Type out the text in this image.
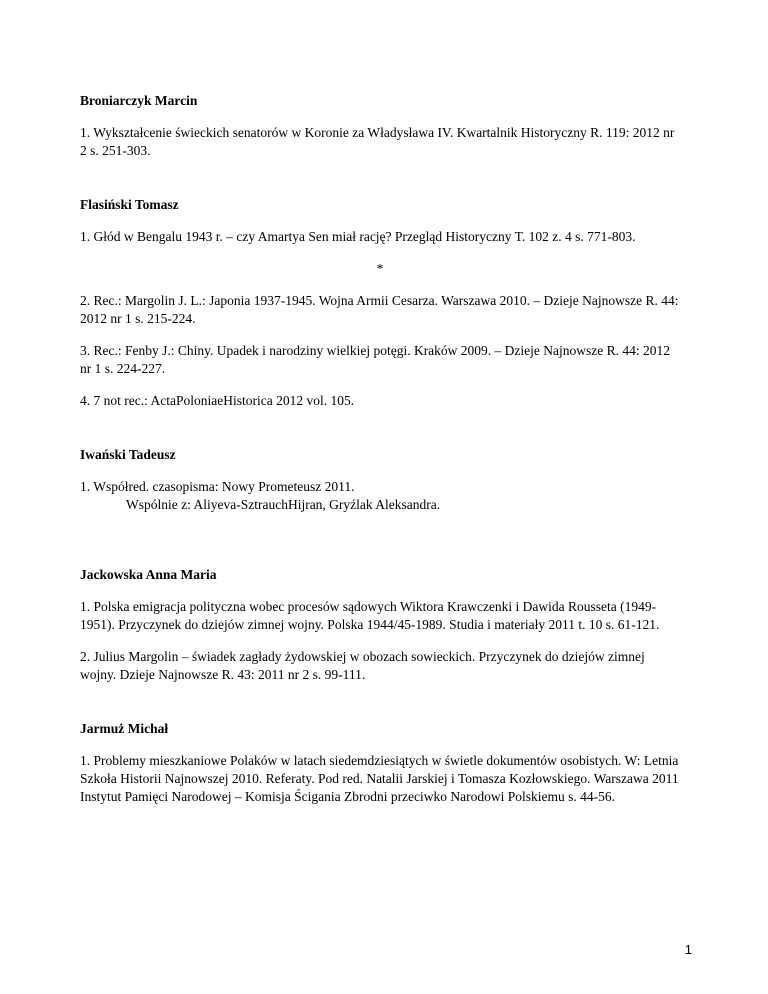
Broniarczyk Marcin
1. Wykształcenie świeckich senatorów w Koronie za Władysława IV. Kwartalnik Historyczny R. 119: 2012 nr 2 s. 251-303.
Flasiński Tomasz
1. Głód w Bengalu 1943 r. – czy Amartya Sen miał rację? Przegląd Historyczny T. 102 z. 4 s. 771-803.
*
2. Rec.: Margolin J. L.: Japonia 1937-1945. Wojna Armii Cesarza. Warszawa 2010. – Dzieje Najnowsze R. 44: 2012 nr 1 s. 215-224.
3. Rec.: Fenby J.: Chiny. Upadek i narodziny wielkiej potęgi. Kraków 2009. – Dzieje Najnowsze R. 44: 2012 nr 1 s. 224-227.
4. 7 not rec.: ActaPoloniaeHistorica 2012 vol. 105.
Iwański Tadeusz
1. Współred. czasopisma: Nowy Prometeusz 2011.
Wspólnie z: Aliyeva-SztrauchHijran, Gryźlak Aleksandra.
Jackowska Anna Maria
1. Polska emigracja polityczna wobec procesów sądowych Wiktora Krawczenki i Dawida Rousseta (1949-1951). Przyczynek do dziejów zimnej wojny. Polska 1944/45-1989. Studia i materiały 2011 t. 10 s. 61-121.
2. Julius Margolin – świadek zagłady żydowskiej w obozach sowieckich. Przyczynek do dziejów zimnej wojny. Dzieje Najnowsze R. 43: 2011 nr 2 s. 99-111.
Jarmuż Michał
1. Problemy mieszkaniowe Polaków w latach siedemdziesiątych w świetle dokumentów osobistych. W: Letnia Szkoła Historii Najnowszej 2010. Referaty. Pod red. Natalii Jarskiej i Tomasza Kozłowskiego. Warszawa 2011 Instytut Pamięci Narodowej – Komisja Ścigania Zbrodni przeciwko Narodowi Polskiemu s. 44-56.
1
